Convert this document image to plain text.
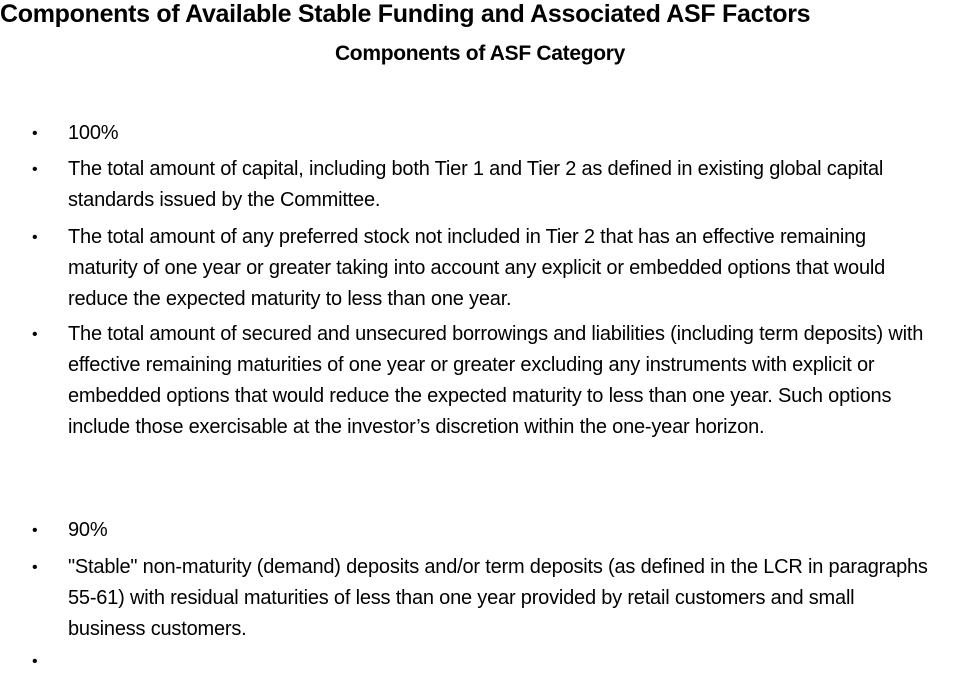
Components of Available Stable Funding and Associated ASF Factors
Components of ASF Category
• 100%
• The total amount of capital, including both Tier 1 and Tier 2 as defined in existing global capital standards issued by the Committee.
• The total amount of any preferred stock not included in Tier 2 that has an effective remaining maturity of one year or greater taking into account any explicit or embedded options that would reduce the expected maturity to less than one year.
• The total amount of secured and unsecured borrowings and liabilities (including term deposits) with effective remaining maturities of one year or greater excluding any instruments with explicit or embedded options that would reduce the expected maturity to less than one year. Such options include those exercisable at the investor’s discretion within the one-year horizon.
• 90%
• "Stable" non-maturity (demand) deposits and/or term deposits (as defined in the LCR in paragraphs 55-61) with residual maturities of less than one year provided by retail customers and small business customers.
•
